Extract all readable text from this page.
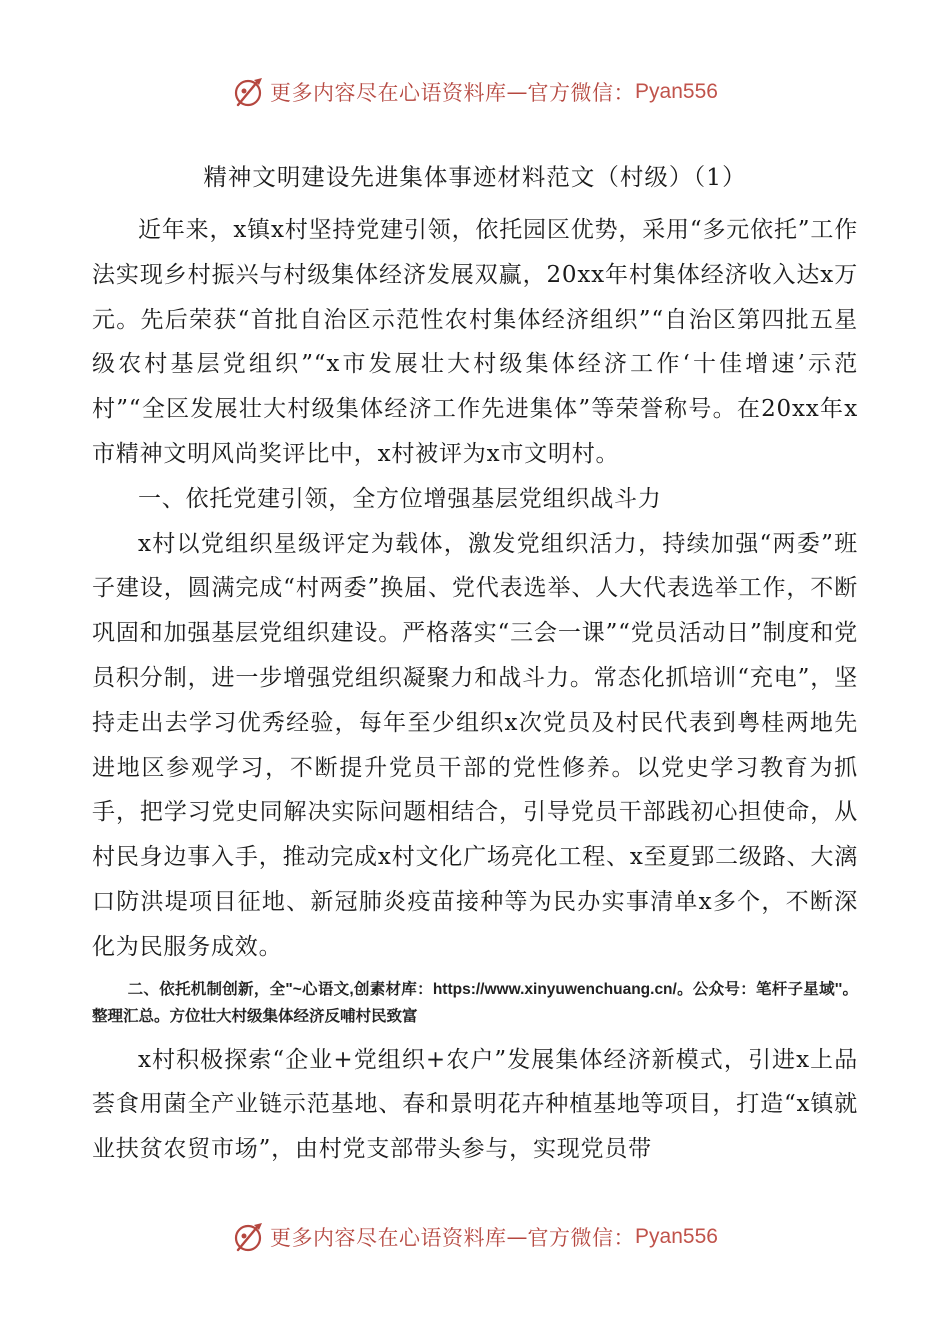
更多内容尽在心语资料库 — 官方微信： Pyan556
精神文明建设先进集体事迹材料范文（村级）（1）

近年来，x镇x村坚持党建引领，依托园区优势，采用“多元依托”工作法实现乡村振兴与村级集体经济发展双赢，20xx年村集体经济收入达x万元。先后荣获“首批自治区示范性农村集体经济组织”“自治区第四批五星级农村基层党组织”“x市发展壮大村级集体经济工作‘十佳增速’示范村”“全区发展壮大村级集体经济工作先进集体”等荣誉称号。在20xx年x市精神文明风尚奖评比中，x村被评为x市文明村。

一、依托党建引领，全方位增强基层党组织战斗力

x村以党组织星级评定为载体，激发党组织活力，持续加强“两委”班子建设，圆满完成“村两委”换届、党代表选举、人大代表选举工作，不断巩固和加强基层党组织建设。严格落实“三会一课”“党员活动日”制度和党员积分制，进一步增强党组织凝聚力和战斗力。常态化抓培训“充电”，坚持走出去学习优秀经验，每年至少组织x次党员及村民代表到粤桂两地先进地区参观学习，不断提升党员干部的党性修养。以党史学习教育为抓手，把学习党史同解决实际问题相结合，引导党员干部践初心担使命，从村民身边事入手，推动完成x村文化广场亮化工程、x至夏郢二级路、大漓口防洪堤项目征地、新冠肺炎疫苗接种等为民办实事清单x多个，不断深化为民服务成效。

二、依托机制创新，全"~心语文,创素材库：https://www.xinyuwenchuang.cn/。公众号：笔杆子星域''。整理汇总。方位壮大村级集体经济反哺村民致富

x村积极探索“企业+党组织+农户”发展集体经济新模式，引进x上品荟食用菌全产业链示范基地、春和景明花卉种植基地等项目，打造“x镇就业扶贫农贸市场”，由村党支部带头参与，实现党员带

更多内容尽在心语资料库 — 官方微信： Pyan556
